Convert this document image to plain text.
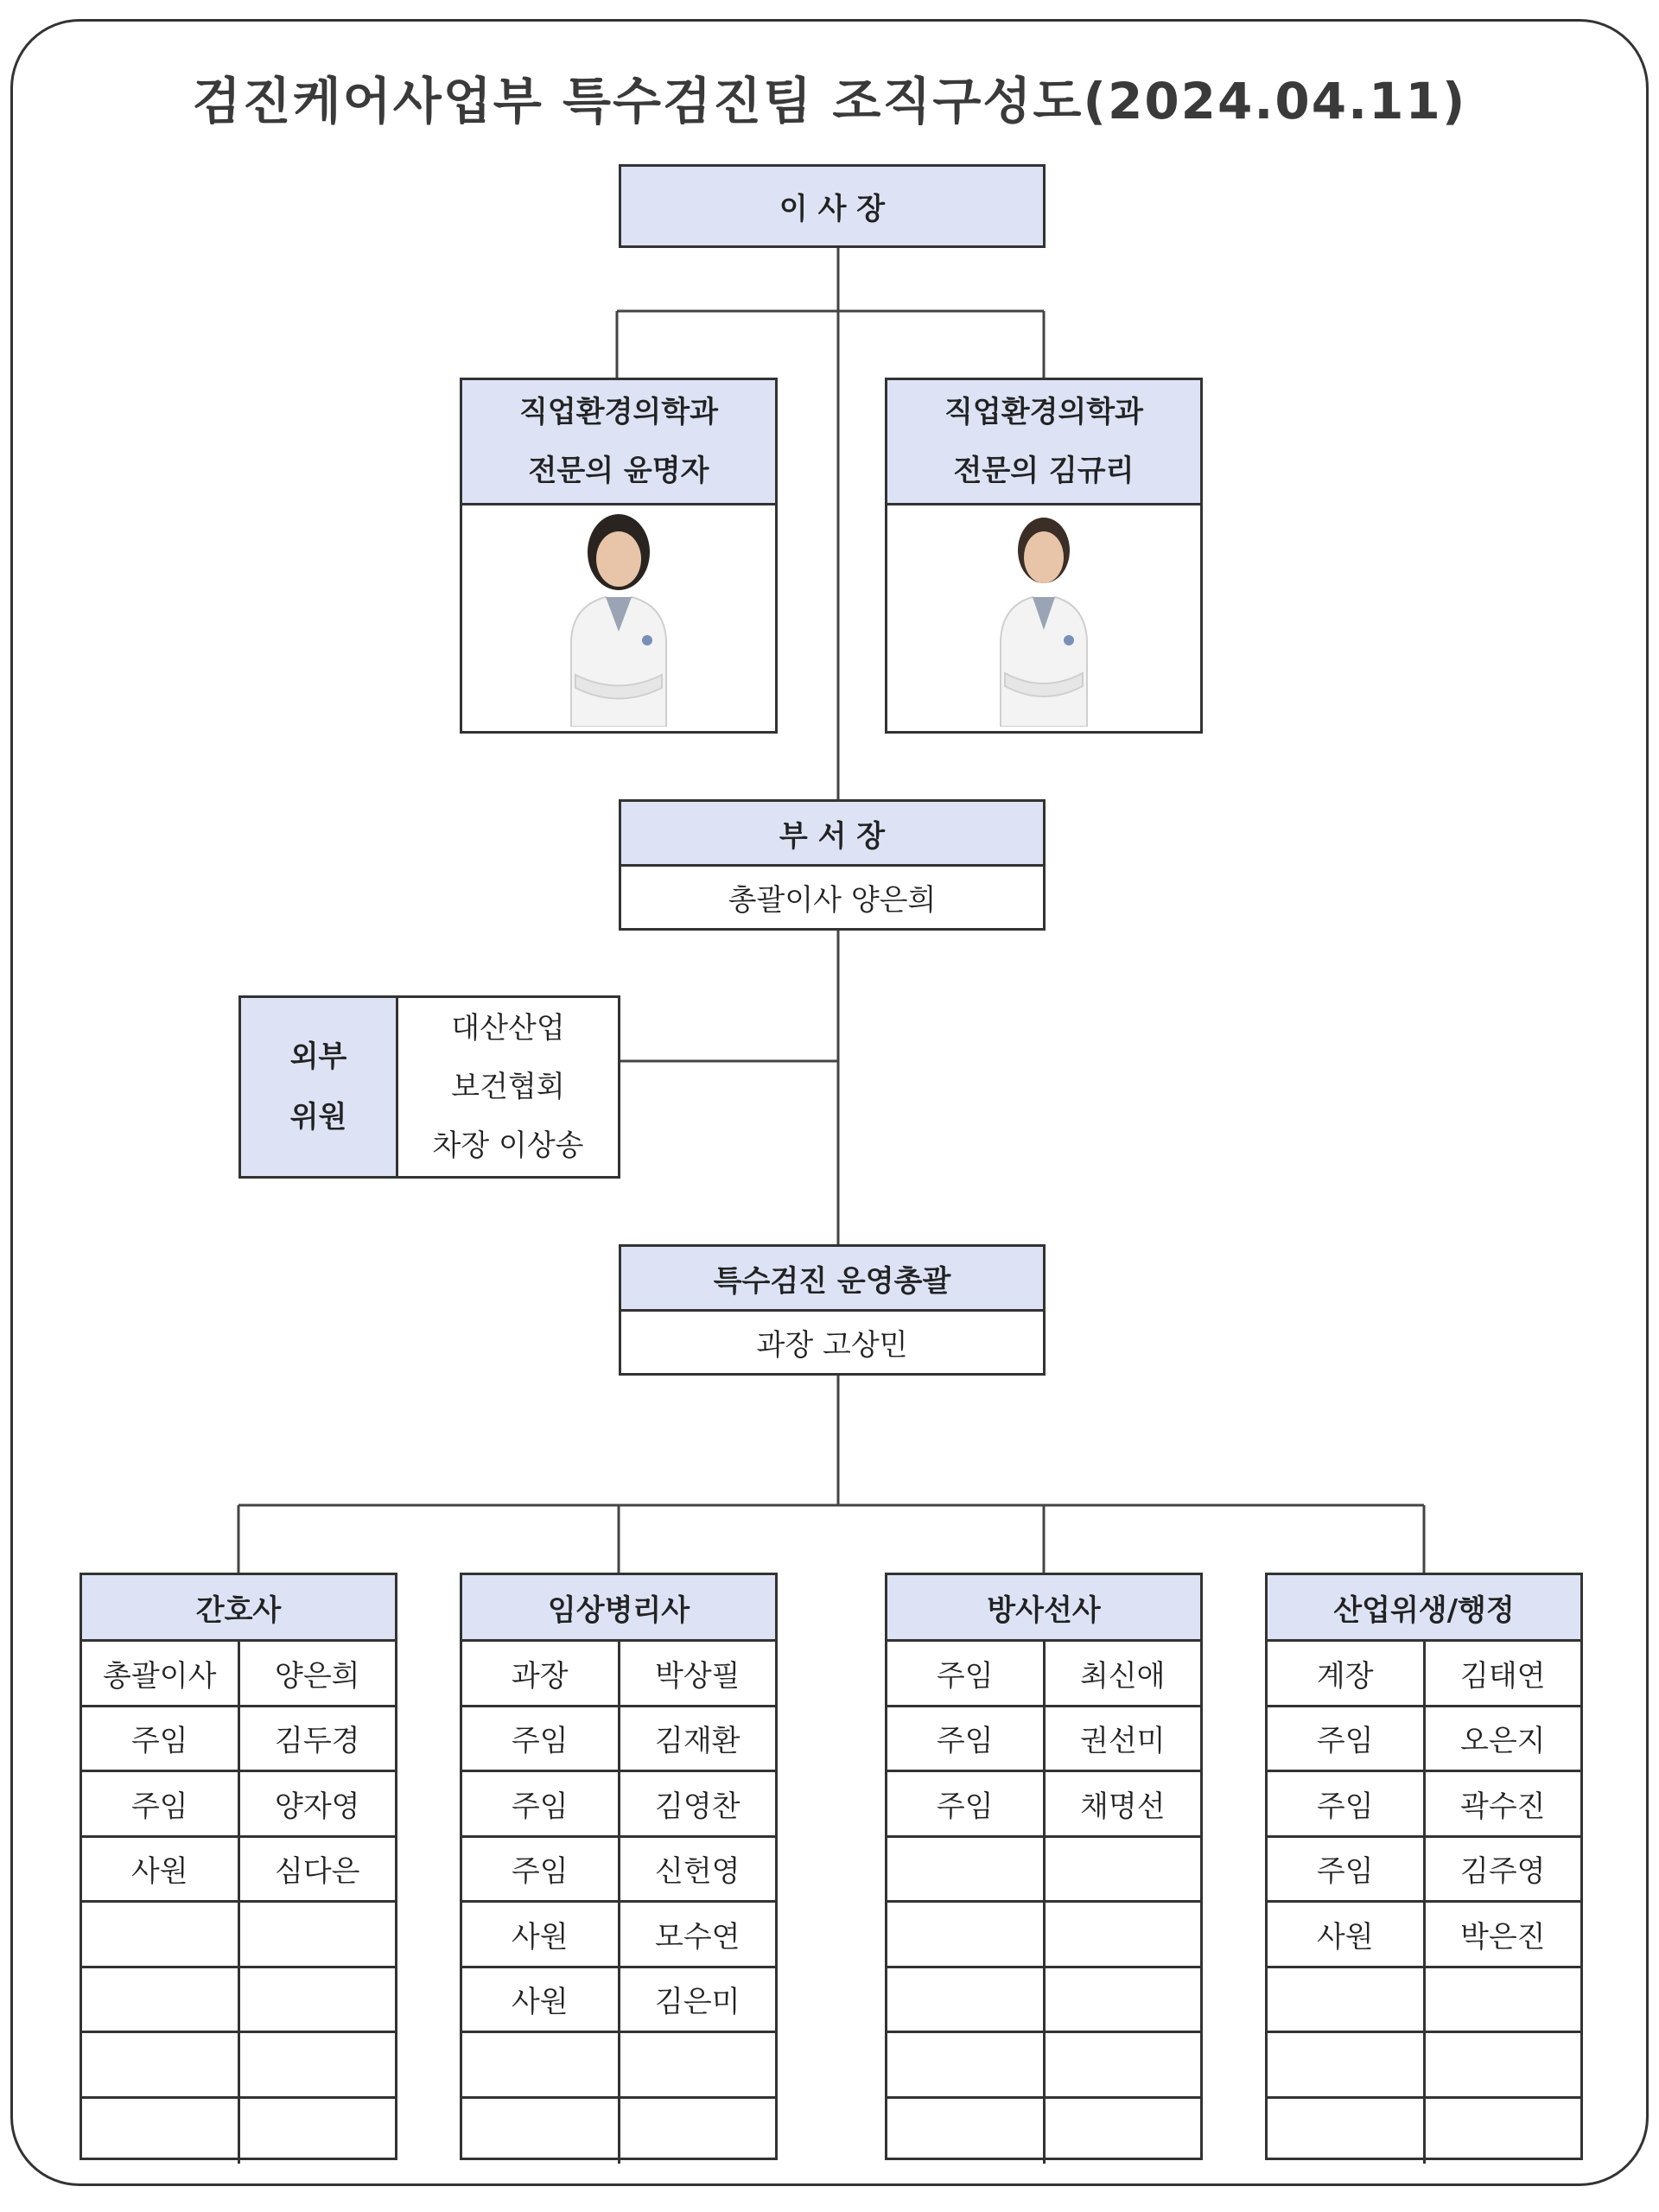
검진케어사업부 특수검진팀 조직구성도(2024.04.11)
이 사 장
직업환경의학과
전문의 윤명자
직업환경의학과
전문의 김규리
부 서 장
총괄이사 양은희
외부
위원
대산산업
보건협회
차장 이상송
특수검진 운영총괄
과장 고상민
간호사
총괄이사	양은희
주임	김두경
주임	양자영
사원	심다은
임상병리사
과장	박상필
주임	김재환
주임	김영찬
주임	신헌영
사원	모수연
사원	김은미
방사선사
주임	최신애
주임	권선미
주임	채명선
산업위생/행정
계장	김태연
주임	오은지
주임	곽수진
주임	김주영
사원	박은진
